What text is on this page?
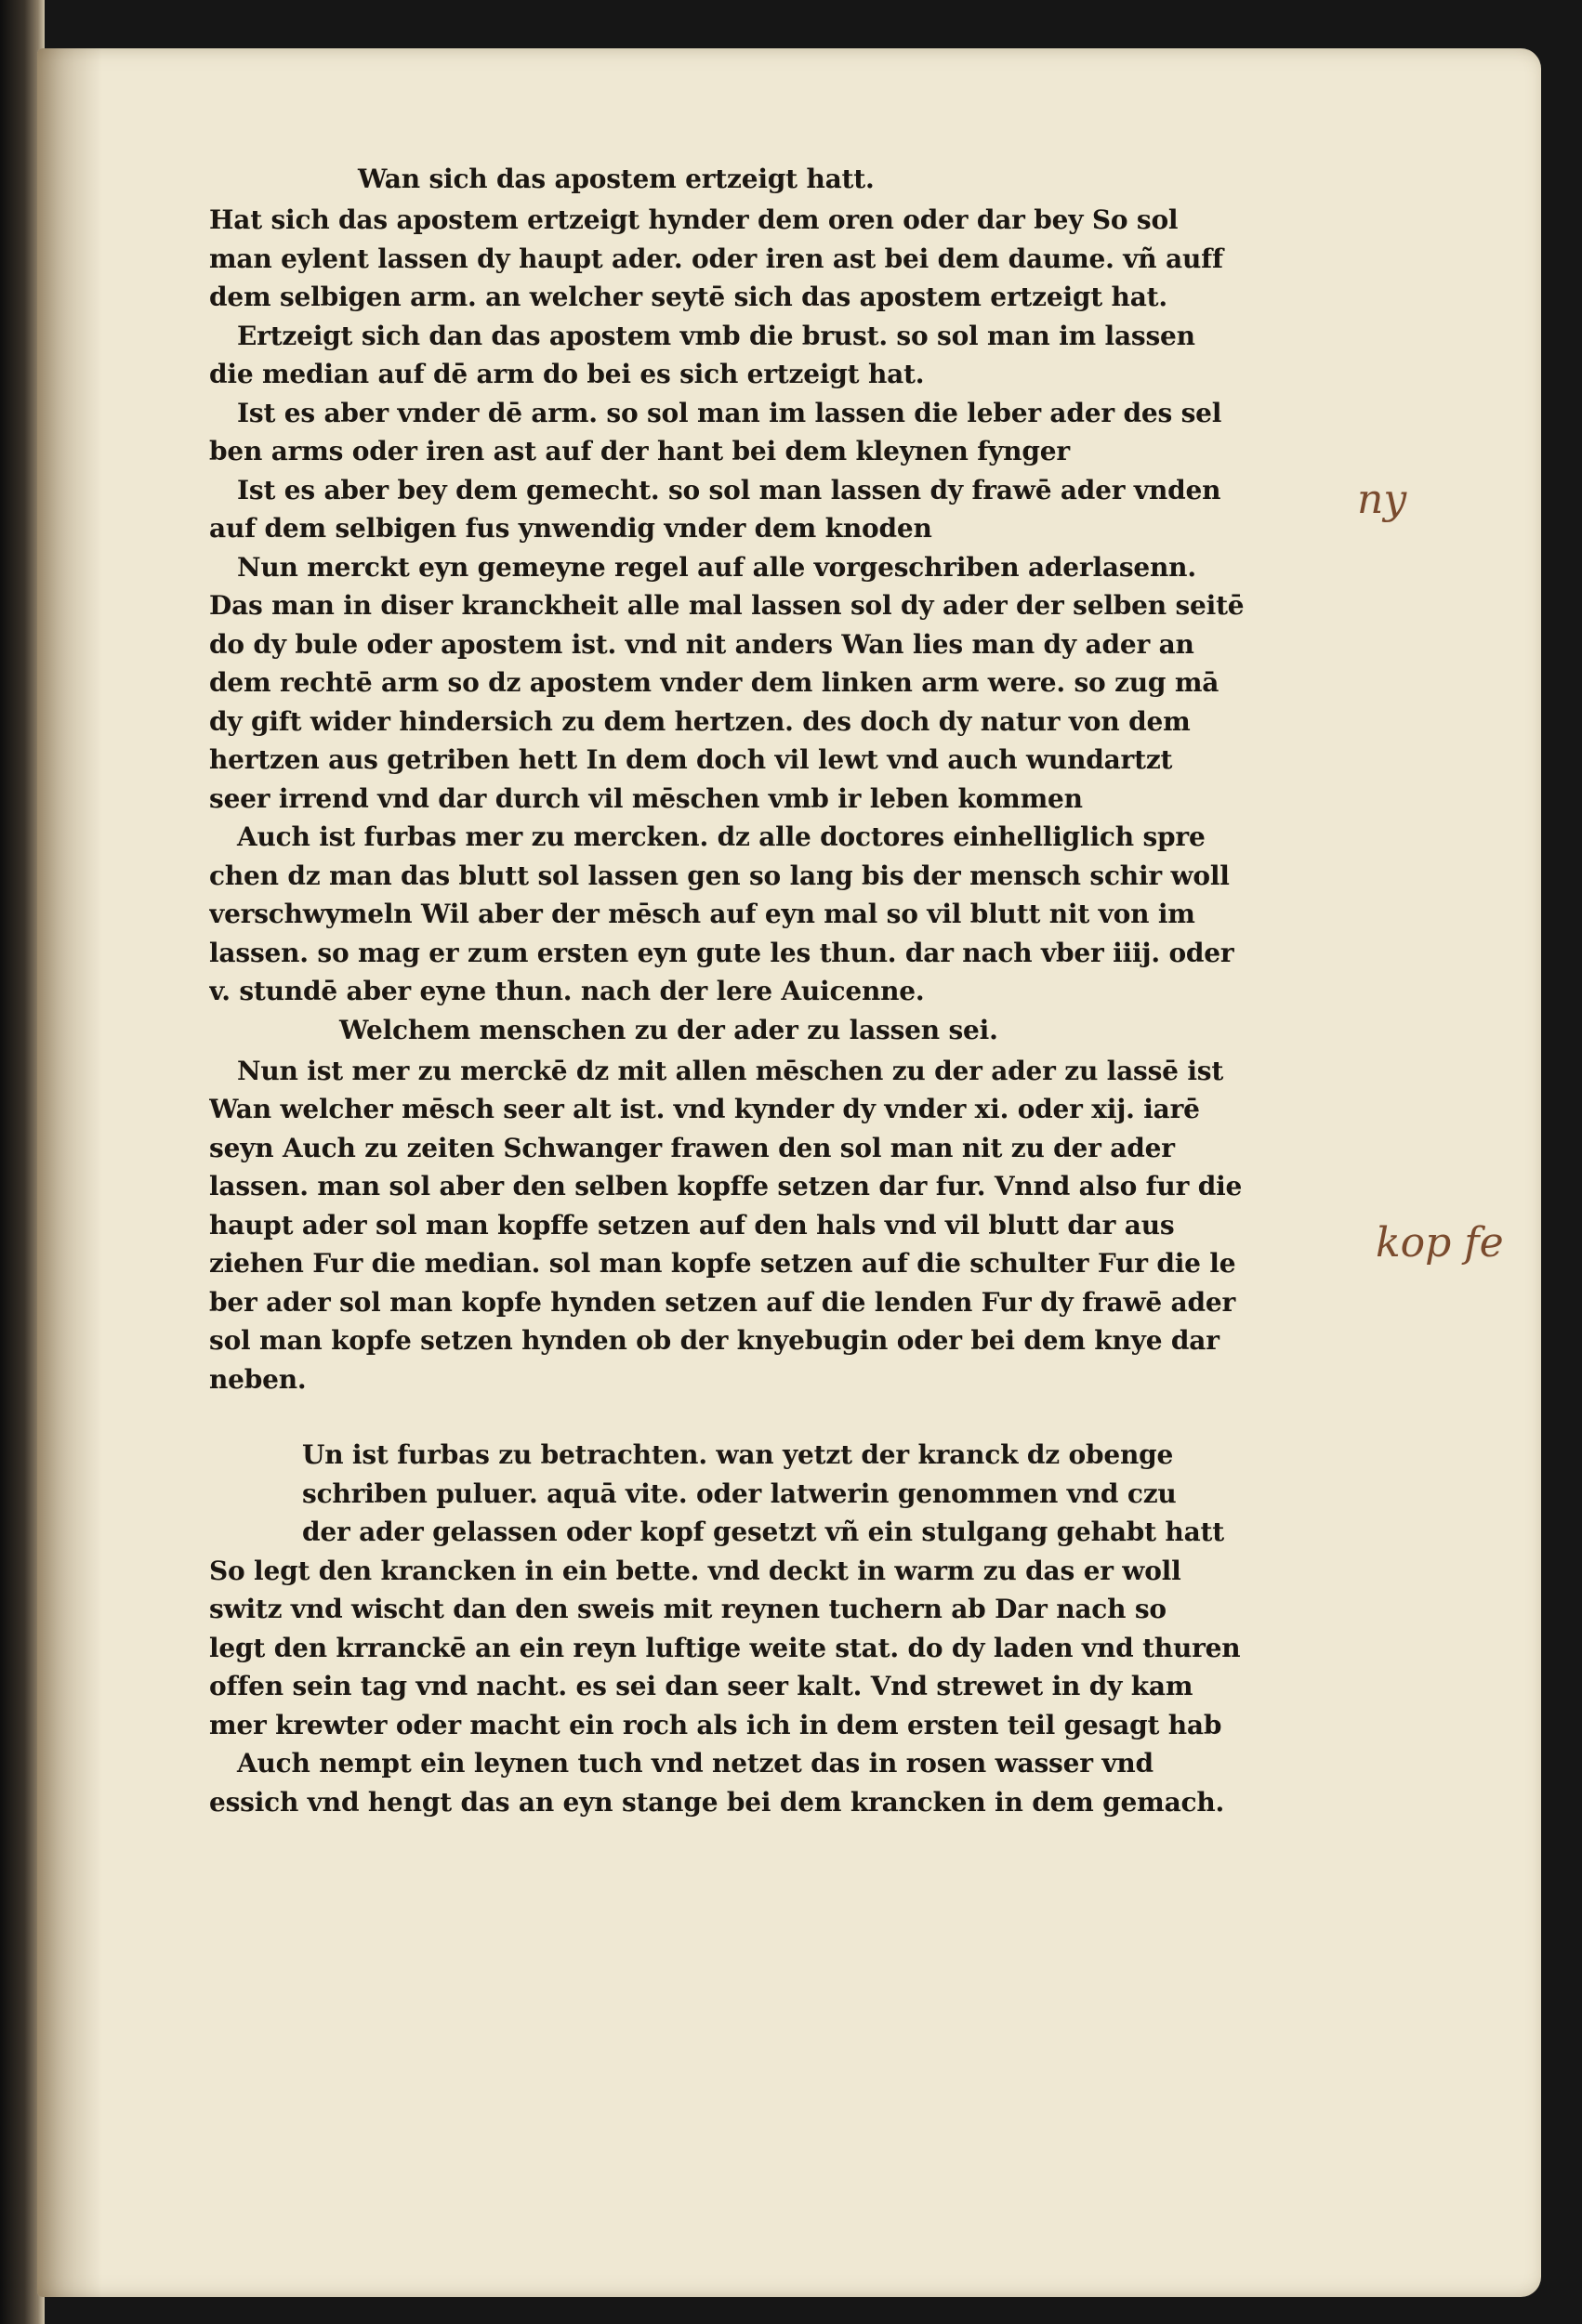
Wan sich das apostem ertzeigt hatt.
Hat sich das apostem ertzeigt hynder dem oren oder dar bey So sol
man eylent lassen dy haupt ader. oder iren ast bei dem daume. vñ auff
dem selbigen arm. an welcher seytē sich das apostem ertzeigt hat.
Ertzeigt sich dan das apostem vmb die brust. so sol man im lassen
die median auf dē arm do bei es sich ertzeigt hat.
Ist es aber vnder dē arm. so sol man im lassen die leber ader des sel
ben arms oder iren ast auf der hant bei dem kleynen fynger
Ist es aber bey dem gemecht. so sol man lassen dy frawē ader vnden
auf dem selbigen fus ynwendig vnder dem knoden
Nun merckt eyn gemeyne regel auf alle vorgeschriben aderlasenn.
Das man in diser kranckheit alle mal lassen sol dy ader der selben seitē
do dy bule oder apostem ist. vnd nit anders Wan lies man dy ader an
dem rechtē arm so dz apostem vnder dem linken arm were. so zug mā
dy gift wider hindersich zu dem hertzen. des doch dy natur von dem
hertzen aus getriben hett In dem doch vil lewt vnd auch wundartzt
seer irrend vnd dar durch vil mēschen vmb ir leben kommen
Auch ist furbas mer zu mercken. dz alle doctores einhelliglich spre
chen dz man das blutt sol lassen gen so lang bis der mensch schir woll
verschwymeln Wil aber der mēsch auf eyn mal so vil blutt nit von im
lassen. so mag er zum ersten eyn gute les thun. dar nach vber iiij. oder
v. stundē aber eyne thun. nach der lere Auicenne.
Welchem menschen zu der ader zu lassen sei.
Nun ist mer zu merckē dz mit allen mēschen zu der ader zu lassē ist
Wan welcher mēsch seer alt ist. vnd kynder dy vnder xi. oder xij. iarē
seyn Auch zu zeiten Schwanger frawen den sol man nit zu der ader
lassen. man sol aber den selben kopffe setzen dar fur. Vnnd also fur die
haupt ader sol man kopffe setzen auf den hals vnd vil blutt dar aus
ziehen Fur die median. sol man kopfe setzen auf die schulter Fur die le
ber ader sol man kopfe hynden setzen auf die lenden Fur dy frawē ader
sol man kopfe setzen hynden ob der knyebugin oder bei dem knye dar
neben.
Un ist furbas zu betrachten. wan yetzt der kranck dz obenge
schriben puluer. aquā vite. oder latwerin genommen vnd czu
der ader gelassen oder kopf gesetzt vñ ein stulgang gehabt hatt
So legt den krancken in ein bette. vnd deckt in warm zu das er woll
switz vnd wischt dan den sweis mit reynen tuchern ab Dar nach so
legt den krranckē an ein reyn luftige weite stat. do dy laden vnd thuren
offen sein tag vnd nacht. es sei dan seer kalt. Vnd strewet in dy kam
mer krewter oder macht ein roch als ich in dem ersten teil gesagt hab
Auch nempt ein leynen tuch vnd netzet das in rosen wasser vnd
essich vnd hengt das an eyn stange bei dem krancken in dem gemach.
ny
kop fe
